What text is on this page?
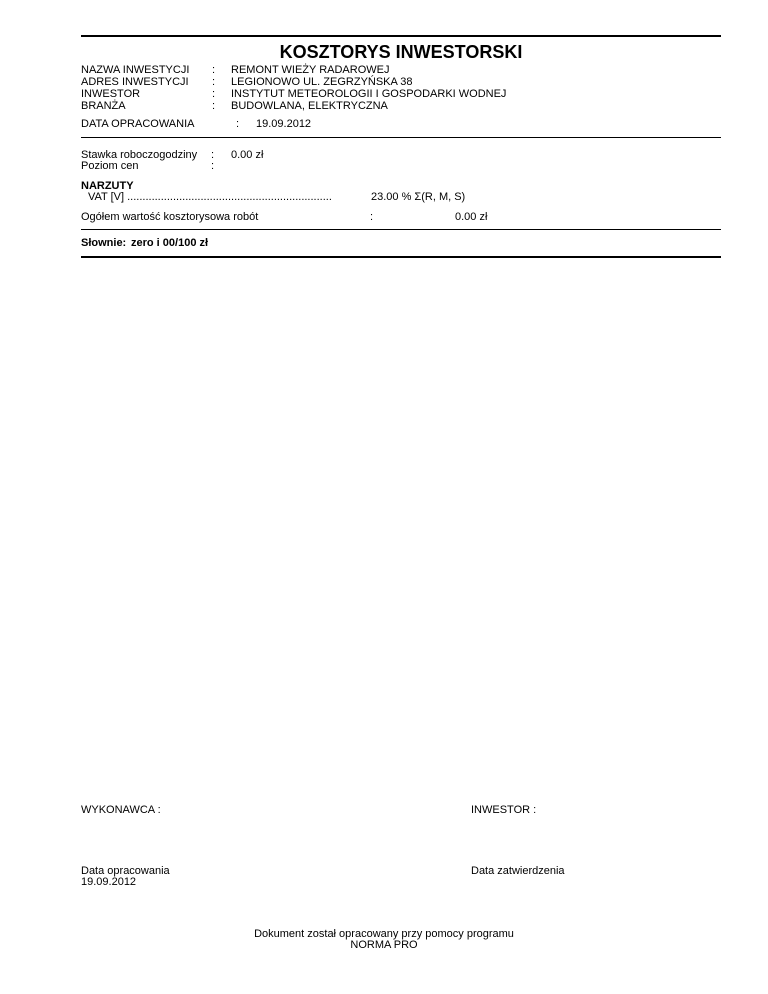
KOSZTORYS INWESTORSKI
NAZWA INWESTYCJI : REMONT WIEŻY RADAROWEJ
ADRES INWESTYCJI : LEGIONOWO UL. ZEGRZYŃSKA 38
INWESTOR	: INSTYTUT METEOROLOGII I GOSPODARKI WODNEJ
BRANŻA	: BUDOWLANA, ELEKTRYCZNA
DATA OPRACOWANIA	: 19.09.2012
Stawka roboczogodziny : 0.00 zł
Poziom cen	:
NARZUTY
VAT [V] ...................................................................	23.00 % Σ(R, M, S)
Ogółem wartość kosztorysowa robót	:	0.00 zł
Słownie: zero i 00/100 zł
WYKONAWCA :	INWESTOR :
Data opracowania
19.09.2012
Data zatwierdzenia
Dokument został opracowany przy pomocy programu
NORMA PRO
